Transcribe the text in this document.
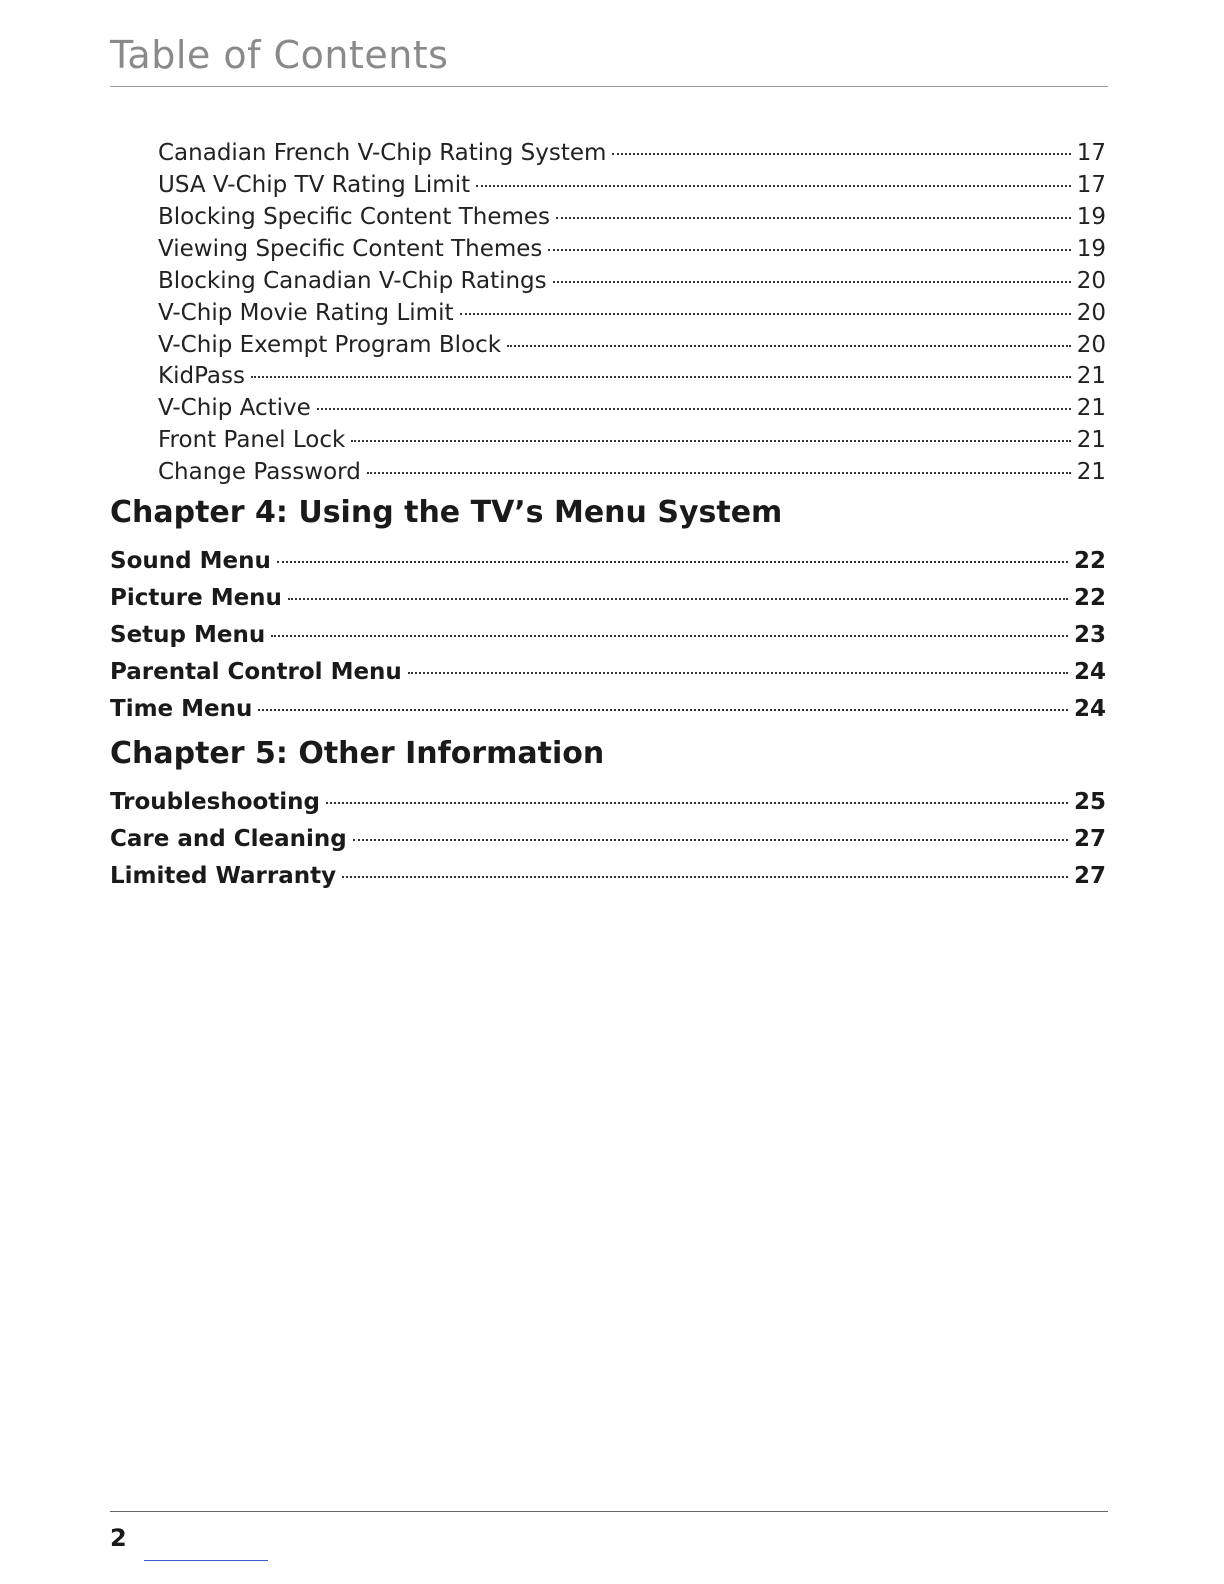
Table of Contents
Canadian French V-Chip Rating System	17
USA V-Chip TV Rating Limit	17
Blocking Specific Content Themes	19
Viewing Specific Content Themes	19
Blocking Canadian V-Chip Ratings	20
V-Chip Movie Rating Limit	20
V-Chip Exempt Program Block	20
KidPass	21
V-Chip Active	21
Front Panel Lock	21
Change Password	21
Chapter 4: Using the TV’s Menu System
Sound Menu	22
Picture Menu	22
Setup Menu	23
Parental Control Menu	24
Time Menu	24
Chapter 5: Other Information
Troubleshooting	25
Care and Cleaning	27
Limited Warranty	27
2
